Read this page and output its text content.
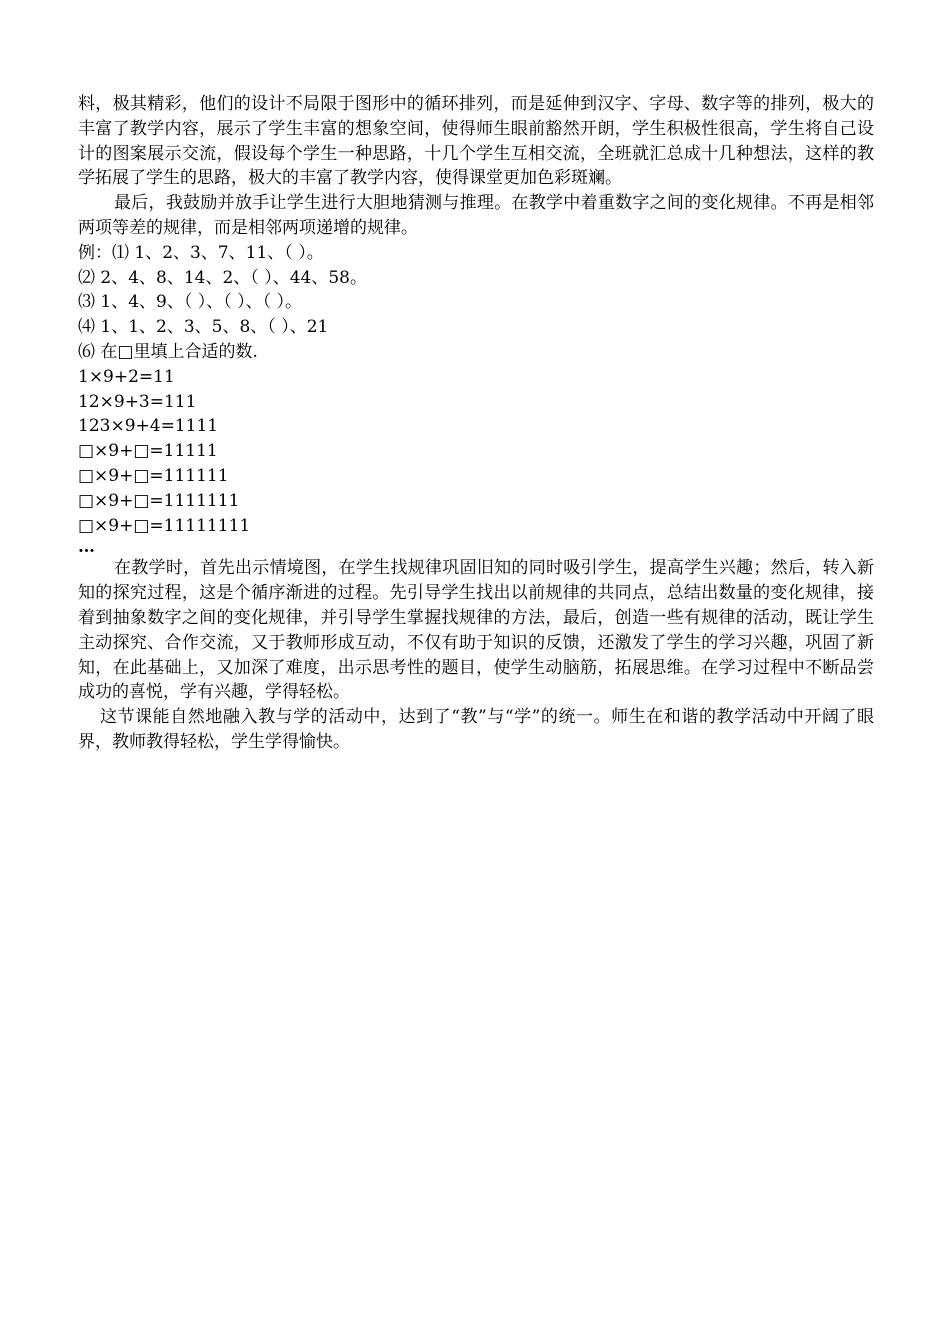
料，极其精彩，他们的设计不局限于图形中的循环排列，而是延伸到汉字、字母、数字等的排列，极大的丰富了教学内容，展示了学生丰富的想象空间，使得师生眼前豁然开朗，学生积极性很高，学生将自己设计的图案展示交流，假设每个学生一种思路，十几个学生互相交流，全班就汇总成十几种想法，这样的教学拓展了学生的思路，极大的丰富了教学内容，使得课堂更加色彩斑斓。

最后，我鼓励并放手让学生进行大胆地猜测与推理。在教学中着重数字之间的变化规律。不再是相邻两项等差的规律，而是相邻两项递增的规律。

例：⑴ 1、2、3、7、11、（ ）。

⑵ 2、4、8、14、2、（ ）、44、58。

⑶ 1、4、9、（ ）、（ ）、（ ）。

⑷ 1、1、2、3、5、8、（ ）、21

⑹ 在□里填上合适的数.

1×9+2=11

12×9+3=111

123×9+4=1111

□×9+□=11111

□×9+□=111111

□×9+□=1111111

□×9+□=11111111

…

在教学时，首先出示情境图，在学生找规律巩固旧知的同时吸引学生，提高学生兴趣；然后，转入新知的探究过程，这是个循序渐进的过程。先引导学生找出以前规律的共同点，总结出数量的变化规律，接着到抽象数字之间的变化规律，并引导学生掌握找规律的方法，最后，创造一些有规律的活动，既让学生主动探究、合作交流，又于教师形成互动，不仅有助于知识的反馈，还激发了学生的学习兴趣，巩固了新知，在此基础上，又加深了难度，出示思考性的题目，使学生动脑筋，拓展思维。在学习过程中不断品尝成功的喜悦，学有兴趣，学得轻松。

这节课能自然地融入教与学的活动中，达到了“教”与“学”的统一。师生在和谐的教学活动中开阔了眼界，教师教得轻松，学生学得愉快。
